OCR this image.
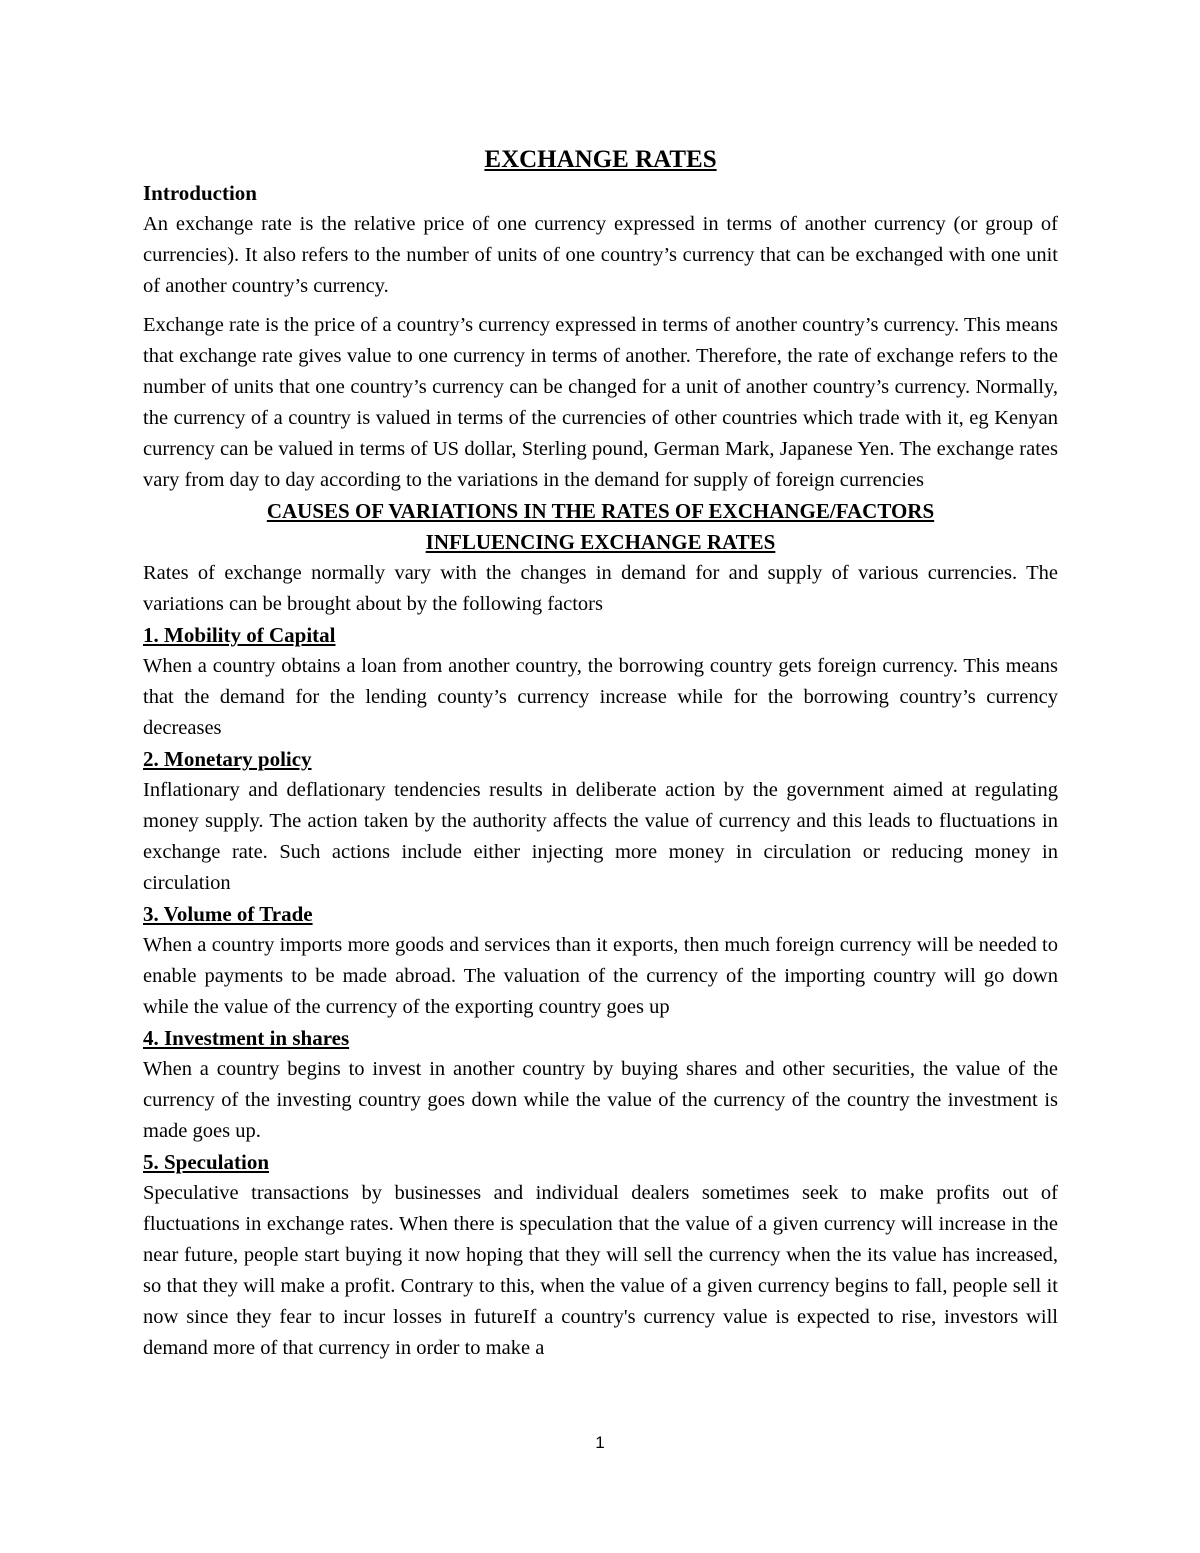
EXCHANGE RATES
Introduction

An exchange rate is the relative price of one currency expressed in terms of another currency (or group of currencies). It also refers to the number of units of one country’s currency that can be exchanged with one unit of another country’s currency.

Exchange rate is the price of a country’s currency expressed in terms of another country’s currency. This means that exchange rate gives value to one currency in terms of another. Therefore, the rate of exchange refers to the number of units that one country’s currency can be changed for a unit of another country’s currency. Normally, the currency of a country is valued in terms of the currencies of other countries which trade with it, eg Kenyan currency can be valued in terms of US dollar, Sterling pound, German Mark, Japanese Yen. The exchange rates vary from day to day according to the variations in the demand for supply of foreign currencies

CAUSES OF VARIATIONS IN THE RATES OF EXCHANGE/FACTORS
INFLUENCING EXCHANGE RATES

Rates of exchange normally vary with the changes in demand for and supply of various currencies. The variations can be brought about by the following factors

1. Mobility of Capital

When a country obtains a loan from another country, the borrowing country gets foreign currency. This means that the demand for the lending county’s currency increase while for the borrowing country’s currency decreases

2. Monetary policy

Inflationary and deflationary tendencies results in deliberate action by the government aimed at regulating money supply. The action taken by the authority affects the value of currency and this leads to fluctuations in exchange rate. Such actions include either injecting more money in circulation or reducing money in circulation

3. Volume of Trade

When a country imports more goods and services than it exports, then much foreign currency will be needed to enable payments to be made abroad. The valuation of the currency of the importing country will go down while the value of the currency of the exporting country goes up

4. Investment in shares

When a country begins to invest in another country by buying shares and other securities, the value of the currency of the investing country goes down while the value of the currency of the country the investment is made goes up.

5. Speculation

Speculative transactions by businesses and individual dealers sometimes seek to make profits out of fluctuations in exchange rates. When there is speculation that the value of a given currency will increase in the near future, people start buying it now hoping that they will sell the currency when the its value has increased, so that they will make a profit. Contrary to this, when the value of a given currency begins to fall, people sell it now since they fear to incur losses in futureIf a country's currency value is expected to rise, investors will demand more of that currency in order to make a

1
